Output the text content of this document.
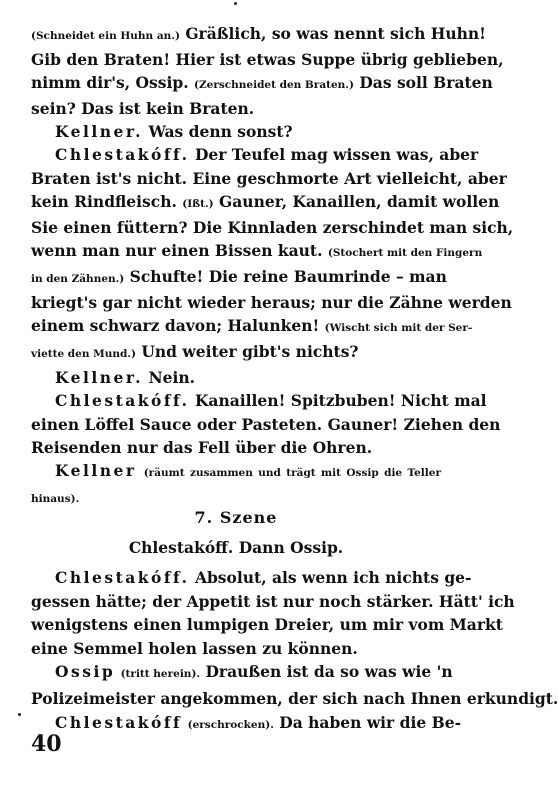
(Schneidet ein Huhn an.) Gräßlich, so was nennt sich Huhn!
Gib den Braten! Hier ist etwas Suppe übrig geblieben,
nimm dir's, Ossip. (Zerschneidet den Braten.) Das soll Braten
sein? Das ist kein Braten.
Kellner. Was denn sonst?
Chlestakóff. Der Teufel mag wissen was, aber
Braten ist's nicht. Eine geschmorte Art vielleicht, aber
kein Rindfleisch. (Ißt.) Gauner, Kanaillen, damit wollen
Sie einen füttern? Die Kinnladen zerschindet man sich,
wenn man nur einen Bissen kaut. (Stochert mit den Fingern
in den Zähnen.) Schufte! Die reine Baumrinde – man
kriegt's gar nicht wieder heraus; nur die Zähne werden
einem schwarz davon; Halunken! (Wischt sich mit der Ser-
viette den Mund.) Und weiter gibt's nichts?
Kellner. Nein.
Chlestakóff. Kanaillen! Spitzbuben! Nicht mal
einen Löffel Sauce oder Pasteten. Gauner! Ziehen den
Reisenden nur das Fell über die Ohren.
Kellner (räumt zusammen und trägt mit Ossip die Teller
hinaus).
7. Szene
Chlestakóff. Dann Ossip.
Chlestakóff. Absolut, als wenn ich nichts ge-
gessen hätte; der Appetit ist nur noch stärker. Hätt' ich
wenigstens einen lumpigen Dreier, um mir vom Markt
eine Semmel holen lassen zu können.
Ossip (tritt herein). Draußen ist da so was wie 'n
Polizeimeister angekommen, der sich nach Ihnen erkundigt.
Chlestakóff (erschrocken). Da haben wir die Be-
40
